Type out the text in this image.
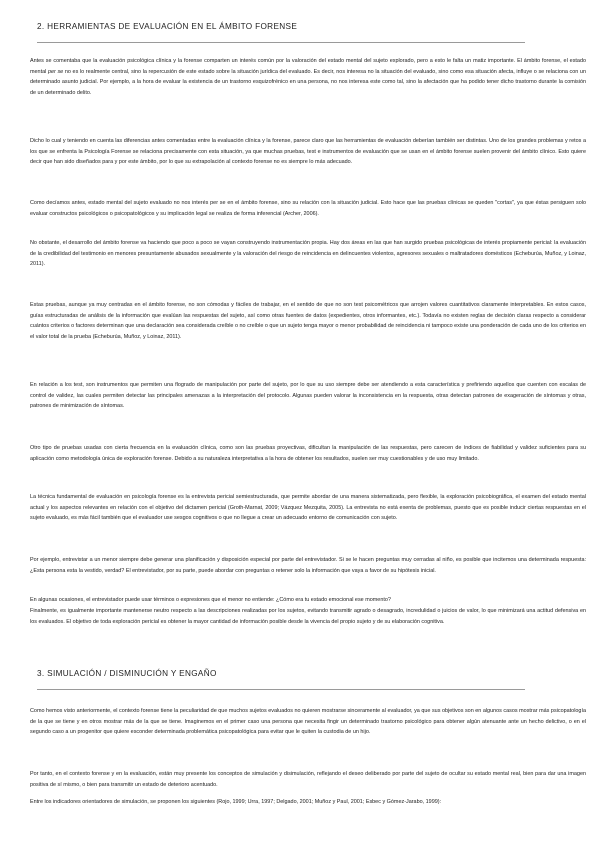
2. HERRAMIENTAS DE EVALUACIÓN EN EL ÁMBITO FORENSE

Antes se comentaba que la evaluación psicológica clínica y la forense comparten un interés común por la valoración del estado mental del sujeto explorado, pero a esto le falta un matiz importante. El ámbito forense, el estado mental per se no es lo realmente central, sino la repercusión de este estado sobre la situación jurídica del evaluado. Es decir, nos interesa no la situación del evaluado, sino como esa situación afecta, influye o se relaciona con un determinado asunto judicial. Por ejemplo, a la hora de evaluar la existencia de un trastorno esquizofrénico en una persona, no nos interesa este como tal, sino la afectación que ha podido tener dicho trastorno durante la comisión de un determinado delito.

Dicho lo cual y teniendo en cuenta las diferencias antes comentadas entre la evaluación clínica y la forense, parece claro que las herramientas de evaluación deberían también ser distintas. Uno de los grandes problemas y retos a los que se enfrenta la Psicología Forense se relaciona precisamente con esta situación, ya que muchas pruebas, test e instrumentos de evaluación que se usan en el ámbito forense suelen provenir del ámbito clínico. Esto quiere decir que han sido diseñados para y por este ámbito, por lo que su extrapolación al contexto forense no es siempre lo más adecuado.

Como decíamos antes, estado mental del sujeto evaluado no nos interés per se en el ámbito forense, sino su relación con la situación judicial. Esto hace que las pruebas clínicas se queden "cortas", ya que éstas persiguen solo evaluar constructos psicológicos o psicopatológicos y su implicación legal se realiza de forma inferencial (Archer, 2006).

No obstante, el desarrollo del ámbito forense va haciendo que poco a poco se vayan construyendo instrumentación propia. Hay dos áreas en las que han surgido pruebas psicológicas de interés propiamente pericial: la evaluación de la credibilidad del testimonio en menores presuntamente abusados sexualmente y la valoración del riesgo de reincidencia en delincuentes violentos, agresores sexuales o maltratadores domésticos (Echeburúa, Muñoz, y Loinaz, 2011).

Estas pruebas, aunque ya muy centradas en el ámbito forense, no son cómodas y fáciles de trabajar, en el sentido de que no son test psicométricos que arrojen valores cuantitativos claramente interpretables. En estos casos, guías estructuradas de análisis de la información que evalúan las respuestas del sujeto, así como otras fuentes de datos (expedientes, otros informantes, etc.). Todavía no existen reglas de decisión claras respecto a considerar cuántos criterios o factores determinan que una declaración sea considerada creíble o no creíble o que un sujeto tenga mayor o menor probabilidad de reincidencia ni tampoco existe una ponderación de cada uno de los criterios en el valor total de la prueba (Echeburúa, Muñoz, y Loinaz, 2011).

En relación a los test, son instrumentos que permiten una ﬂogrado de manipulación por parte del sujeto, por lo que su uso siempre debe ser atendiendo a esta característica y prefiriendo aquellos que cuenten con escalas de control de validez, las cuales permiten detectar las principales amenazas a la interpretación del protocolo. Algunas pueden valorar la inconsistencia en la respuesta, otras detectan patrones de exageración de síntomas y otras, patrones de minimización de síntomas.

Otro tipo de pruebas usadas con cierta frecuencia en la evaluación clínica, como son las pruebas proyectivas, dificultan la manipulación de las respuestas, pero carecen de índices de fiabilidad y validez suficientes para su aplicación como metodología única de exploración forense. Debido a su naturaleza interpretativa a la hora de obtener los resultados, suelen ser muy cuestionables y de uso muy limitado.

La técnica fundamental de evaluación en psicología forense es la entrevista pericial semiestructurada, que permite abordar de una manera sistematizada, pero flexible, la exploración psicobiográfica, el examen del estado mental actual y los aspectos relevantes en relación con el objetivo del dictamen pericial (Groth-Marnat, 2009; Vázquez Mezquita, 2005). La entrevista no está exenta de problemas, puesto que es posible inducir ciertas respuestas en el sujeto evaluado, es más fácil también que el evaluador use sesgos cognitivos o que no llegue a crear un adecuado entorno de comunicación con sujeto.

Por ejemplo, entrevistar a un menor siempre debe generar una planificación y disposición especial por parte del entrevistador. Si se le hacen preguntas muy cerradas al niño, es posible que incitemos una determinada respuesta: ¿Esta persona esta la vestido, verdad? El entrevistador, por su parte, puede abordar con preguntas o retener solo la información que vaya a favor de su hipótesis inicial.

En algunas ocasiones, el entrevistador puede usar términos o expresiones que el menor no entiende: ¿Cómo era tu estado emocional ese momento?

Finalmente, es igualmente importante mantenerse neutro respecto a las descripciones realizadas por los sujetos, evitando transmitir agrado o desagrado, incredulidad o juicios de valor, lo que minimizará una actitud defensiva en los evaluados. El objetivo de toda exploración pericial es obtener la mayor cantidad de información posible desde la vivencia del propio sujeto y de su elaboración cognitiva.

3. SIMULACIÓN / DISMINUCIÓN Y ENGAÑO

Como hemos visto anteriormente, el contexto forense tiene la peculiaridad de que muchos sujetos evaluados no quieren mostrarse sinceramente al evaluador, ya que sus objetivos son en algunos casos mostrar más psicopatología de la que se tiene y en otros mostrar más de la que se tiene. Imaginemos en el primer caso una persona que necesita fingir un determinado trastorno psicológico para obtener algún atenuante ante un hecho delictivo, o en el segundo caso a un progenitor que quiere esconder determinada problemática psicopatológica para evitar que le quiten la custodia de un hijo.

Por tanto, en el contexto forense y en la evaluación, están muy presente los conceptos de simulación y disimulación, reflejando el deseo deliberado por parte del sujeto de ocultar su estado mental real, bien para dar una imagen positiva de sí mismo, o bien para transmitir un estado de deterioro acentuado.

Entre los indicadores orientadores de simulación, se proponen los siguientes (Rojo, 1999; Urra, 1997; Delgado, 2001; Muñoz y Paul, 2001; Esbec y Gómez-Jarabo, 1999):
